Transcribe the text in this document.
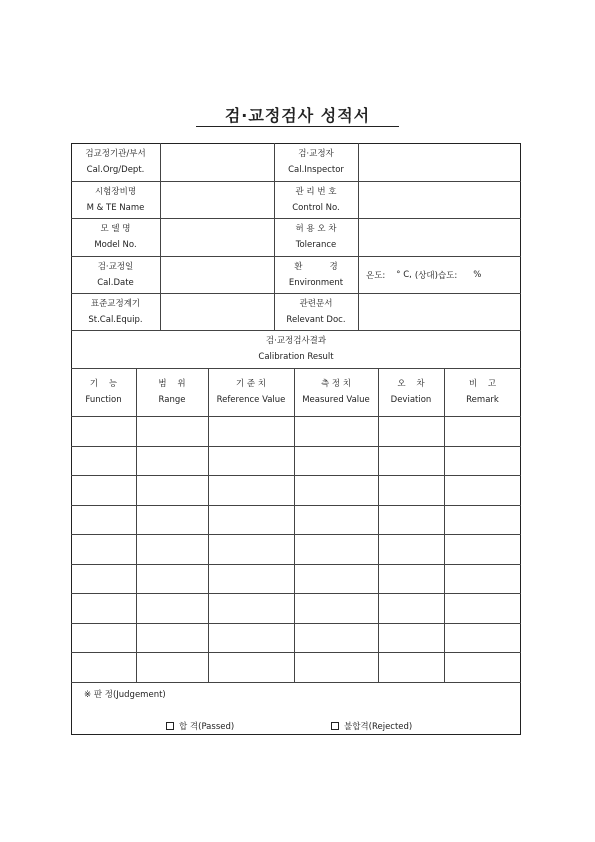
검·교정검사 성적서
검교정기관/부서
Cal.Org/Dept.
검·교정자
Cal.Inspector
시험장비명
M & TE Name
관 리 번 호
Control No.
모 델 명
Model No.
허 용 오 차
Tolerance
검·교정일
Cal.Date
환          경
Environment
표준교정계기
St.Cal.Equip.
관련문서
Relevant Doc.
온도: ° C, (상대)습도: %
검·교정검사결과
Calibration Result
기    능
Function
범    위
Range
기 준 치
Reference Value
측 정 치
Measured Value
오    차
Deviation
비    고
Remark
※ 판 정(Judgement)
합 격(Passed)	불합격(Rejected)
